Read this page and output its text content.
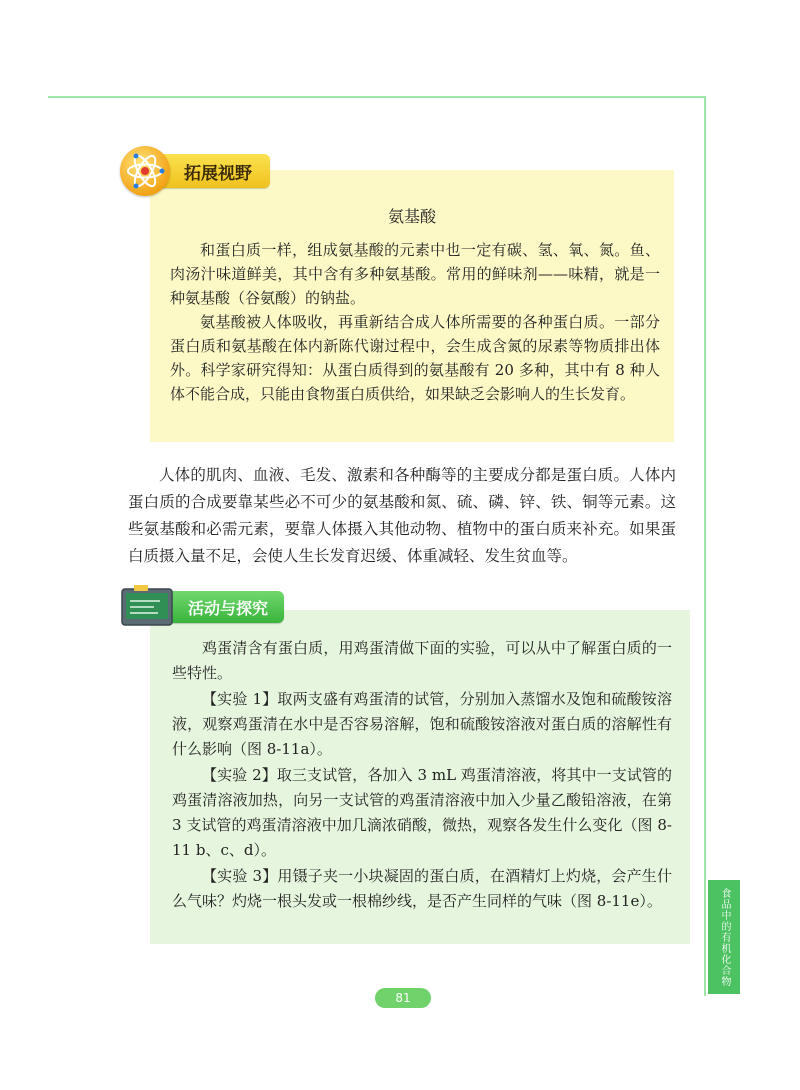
拓展视野
氨基酸

和蛋白质一样，组成氨基酸的元素中也一定有碳、氢、氧、氮。鱼、肉汤汁味道鲜美，其中含有多种氨基酸。常用的鲜味剂——味精，就是一种氨基酸（谷氨酸）的钠盐。

氨基酸被人体吸收，再重新结合成人体所需要的各种蛋白质。一部分蛋白质和氨基酸在体内新陈代谢过程中，会生成含氮的尿素等物质排出体外。科学家研究得知：从蛋白质得到的氨基酸有 20 多种，其中有 8 种人体不能合成，只能由食物蛋白质供给，如果缺乏会影响人的生长发育。

人体的肌肉、血液、毛发、激素和各种酶等的主要成分都是蛋白质。人体内蛋白质的合成要靠某些必不可少的氨基酸和氮、硫、磷、锌、铁、铜等元素。这些氨基酸和必需元素，要靠人体摄入其他动物、植物中的蛋白质来补充。如果蛋白质摄入量不足，会使人生长发育迟缓、体重减轻、发生贫血等。

活动与探究

鸡蛋清含有蛋白质，用鸡蛋清做下面的实验，可以从中了解蛋白质的一些特性。

【实验 1】取两支盛有鸡蛋清的试管，分别加入蒸馏水及饱和硫酸铵溶液，观察鸡蛋清在水中是否容易溶解，饱和硫酸铵溶液对蛋白质的溶解性有什么影响（图 8-11a）。

【实验 2】取三支试管，各加入 3 mL 鸡蛋清溶液，将其中一支试管的鸡蛋清溶液加热，向另一支试管的鸡蛋清溶液中加入少量乙酸铅溶液，在第 3 支试管的鸡蛋清溶液中加几滴浓硝酸，微热，观察各发生什么变化（图 8-11 b、c、d）。

【实验 3】用镊子夹一小块凝固的蛋白质，在酒精灯上灼烧，会产生什么气味？灼烧一根头发或一根棉纱线，是否产生同样的气味（图 8-11e）。	食品中的有机化合物
81
